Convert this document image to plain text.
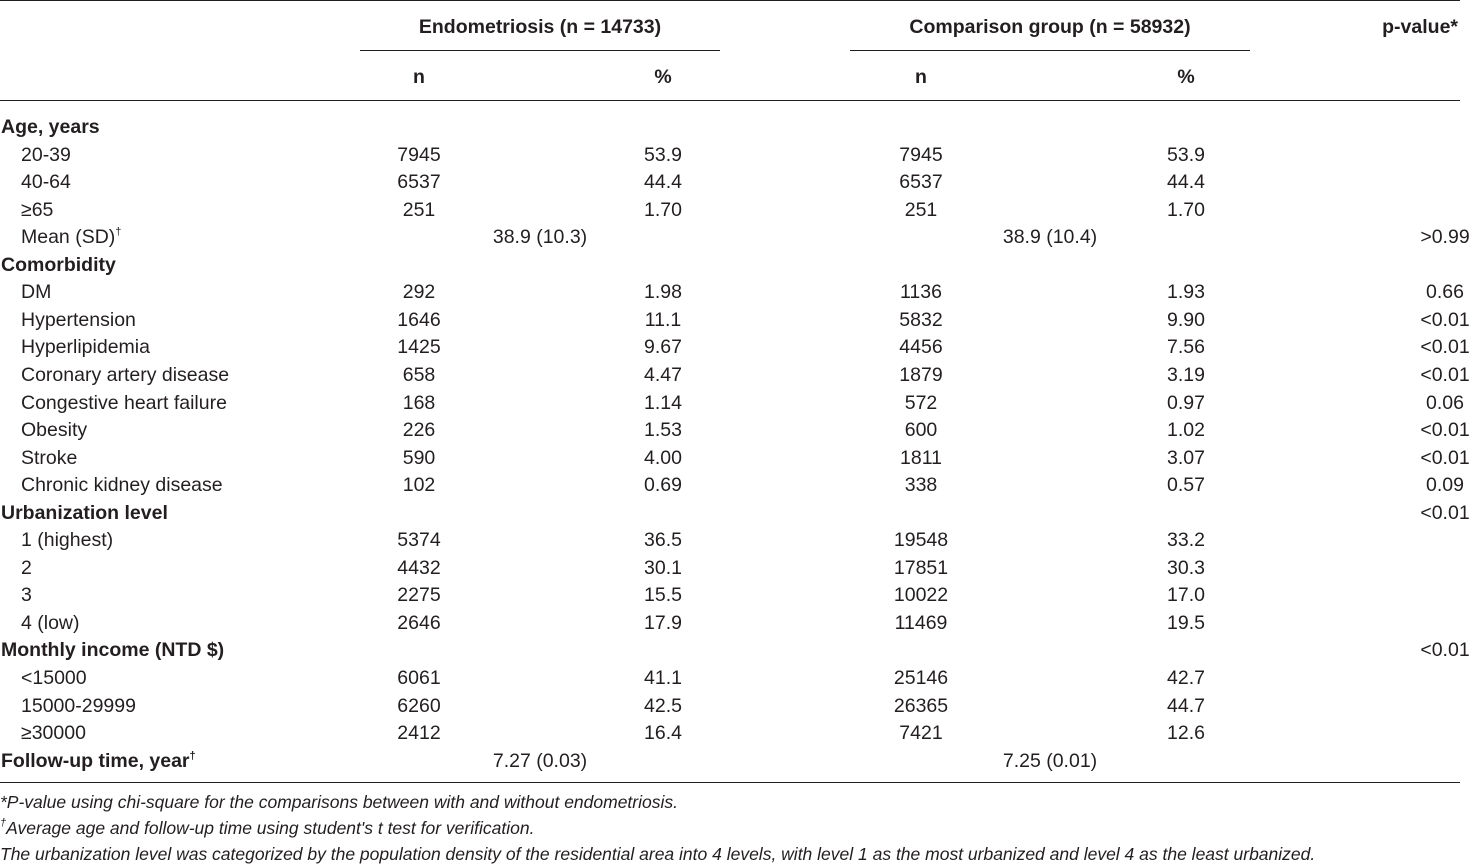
Endometriosis (n = 14733)	Comparison group (n = 58932)	p-value*
n	%	n	%
Age, years
20-39	7945	53.9	7945	53.9
40-64	6537	44.4	6537	44.4
≥65	251	1.70	251	1.70
Mean (SD)†	38.9 (10.3)	38.9 (10.4)	>0.99
Comorbidity
DM	292	1.98	1136	1.93	0.66
Hypertension	1646	11.1	5832	9.90	<0.01
Hyperlipidemia	1425	9.67	4456	7.56	<0.01
Coronary artery disease	658	4.47	1879	3.19	<0.01
Congestive heart failure	168	1.14	572	0.97	0.06
Obesity	226	1.53	600	1.02	<0.01
Stroke	590	4.00	1811	3.07	<0.01
Chronic kidney disease	102	0.69	338	0.57	0.09
Urbanization level	<0.01
1 (highest)	5374	36.5	19548	33.2
2	4432	30.1	17851	30.3
3	2275	15.5	10022	17.0
4 (low)	2646	17.9	11469	19.5
Monthly income (NTD $)	<0.01
<15000	6061	41.1	25146	42.7
15000-29999	6260	42.5	26365	44.7
≥30000	2412	16.4	7421	12.6
Follow-up time, year†	7.27 (0.03)	7.25 (0.01)
*P-value using chi-square for the comparisons between with and without endometriosis.
†Average age and follow-up time using student's t test for verification.
The urbanization level was categorized by the population density of the residential area into 4 levels, with level 1 as the most urbanized and level 4 as the least urbanized.
